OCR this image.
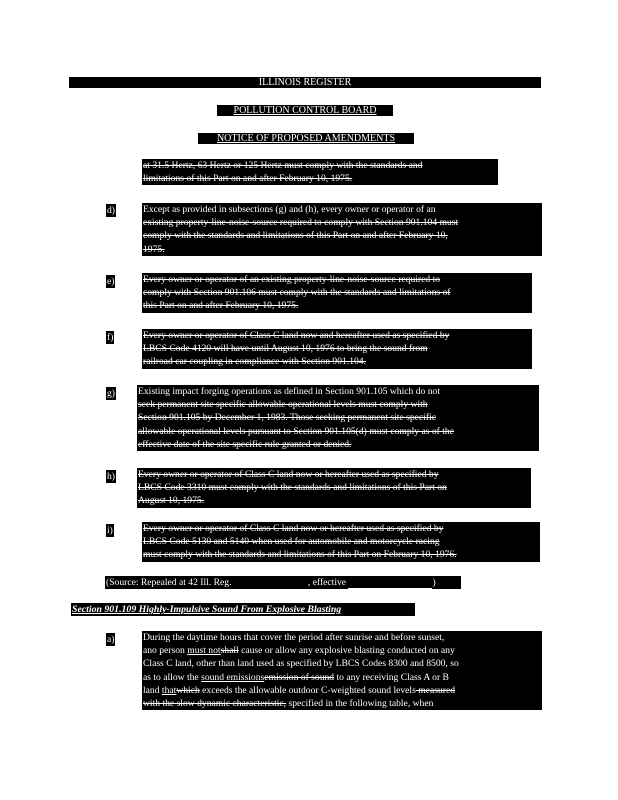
ILLINOIS REGISTER
POLLUTION CONTROL BOARD
NOTICE OF PROPOSED AMENDMENTS
at 31.5 Hertz, 63 Hertz or 125 Hertz must comply with the standards and
limitations of this Part on and after February 10, 1975.
d)	Except as provided in subsections (g) and (h), every owner or operator of an
existing property-line-noise-source required to comply with Section 901.104 must
comply with the standards and limitations of this Part on and after February 10,
1975.
e)	Every owner or operator of an existing property-line-noise-source required to
comply with Section 901.106 must comply with the standards and limitations of
this Part on and after February 10, 1975.
f)	Every owner or operator of Class C land now and hereafter used as specified by
LBCS Code 4120 will have until August 10, 1976 to bring the sound from
railroad car coupling in compliance with Section 901.104.
g) Existing impact forging operations as defined in Section 901.105 which do not
seek permanent site specific allowable operational levels must comply with
Section 901.105 by December 1, 1983. Those seeking permanent site specific
allowable operational levels pursuant to Section 901.105(d) must comply as of the
effective date of the site specific rule granted or denied.
h) Every owner or operator of Class C land now or hereafter used as specified by
LBCS Code 3310 must comply with the standards and limitations of this Part on
August 10, 1975.
i)	Every owner or operator of Class C land now or hereafter used as specified by
LBCS Code 5130 and 5140 when used for automobile and motorcycle racing
must comply with the standards and limitations of this Part on February 10, 1976.
(Source: Repealed at 42 Ill. Reg.	, effective	)
Section 901.109 Highly-Impulsive Sound From Explosive Blasting
a)	During the daytime hours that cover the period after sunrise and before sunset,
ano person must notshall cause or allow any explosive blasting conducted on any
Class C land, other than land used as specified by LBCS Codes 8300 and 8500, so
as to allow the sound emissionsemission of sound to any receiving Class A or B
land thatwhich exceeds the allowable outdoor C-weighted sound levels measured
with the slow dynamic characteristic, specified in the following table, when
